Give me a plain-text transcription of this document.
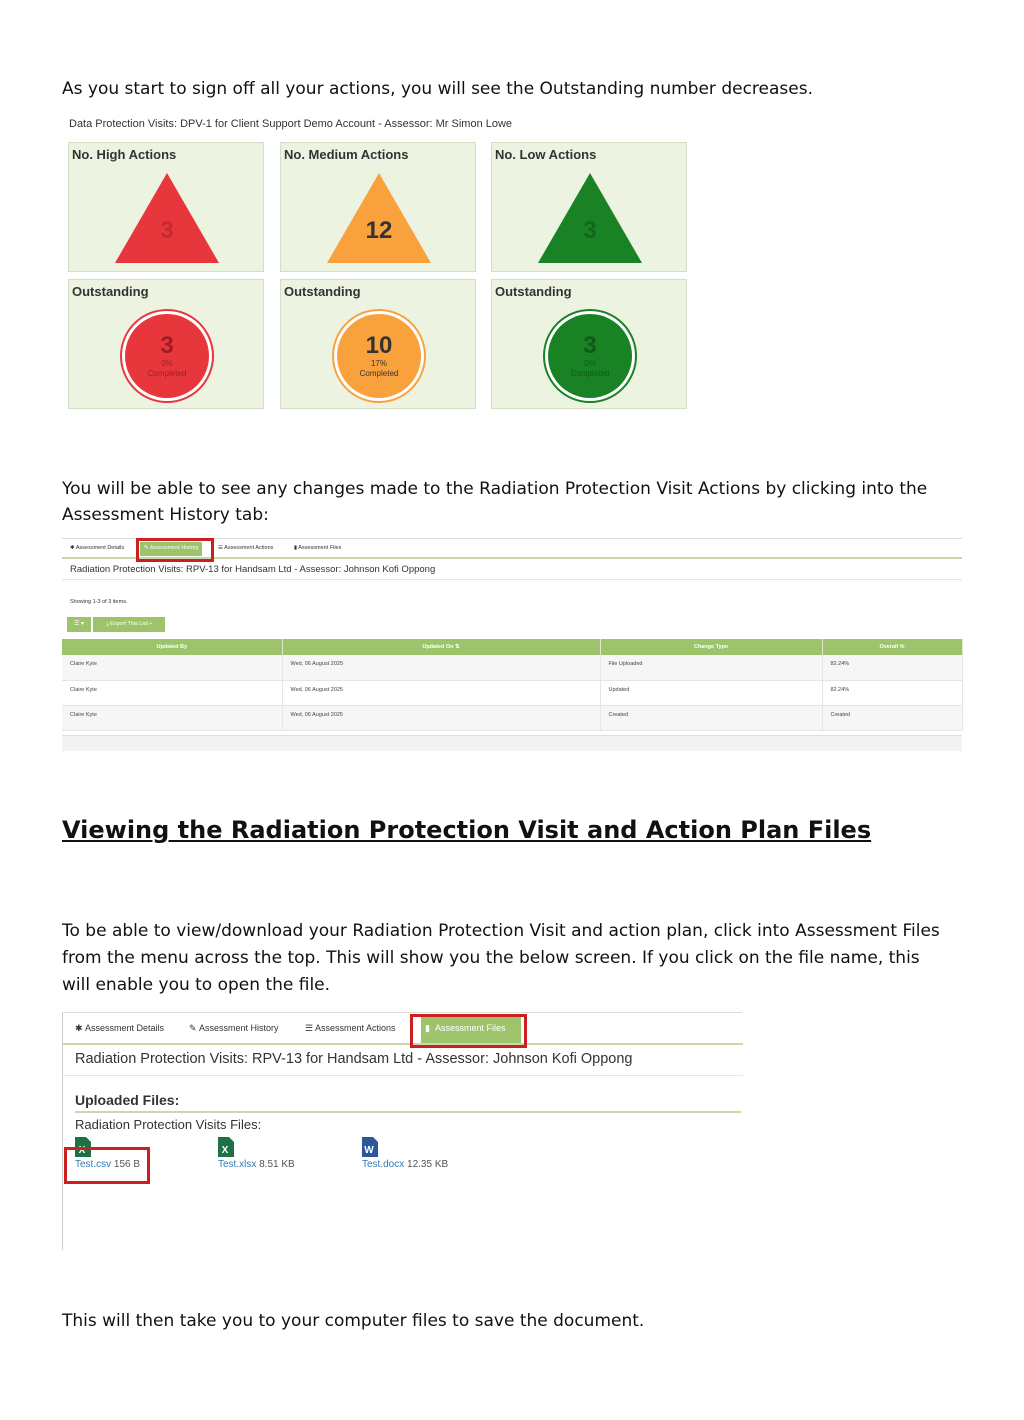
As you start to sign off all your actions, you will see the Outstanding number decreases.

Data Protection Visits: DPV-1 for Client Support Demo Account - Assessor: Mr Simon Lowe
No. High Actions
3
No. Medium Actions
12
No. Low Actions
3
Outstanding
3
0%
Completed
Outstanding
10
17%
Completed
Outstanding
3
0%
Completed

You will be able to see any changes made to the Radiation Protection Visit Actions by clicking into the Assessment History tab:

✱ Assessment Details	✎ Assessment History	☰ Assessment Actions	▮ Assessment Files
Radiation Protection Visits: RPV-13 for Handsam Ltd - Assessor: Johnson Kofi Oppong
Showing 1-3 of 3 items.
☰ ▾	⤓ Export This List ▾
Updated By	Updated On ⇅	Change Type	Overall %
Claire Kyte	Wed, 06 August 2025	File Uploaded	82.24%
Claire Kyte	Wed, 06 August 2025	Updated	82.24%
Claire Kyte	Wed, 06 August 2025	Created	Created
Viewing the Radiation Protection Visit and Action Plan Files

To be able to view/download your Radiation Protection Visit and action plan, click into Assessment Files from the menu across the top. This will show you the below screen. If you click on the file name, this will enable you to open the file.

✱ Assessment Details	✎ Assessment History	☰ Assessment Actions	▮ Assessment Files
Radiation Protection Visits: RPV-13 for Handsam Ltd - Assessor: Johnson Kofi Oppong
Uploaded Files:
Radiation Protection Visits Files:
X
Test.csv 156 B
X
Test.xlsx 8.51 KB
W
Test.docx 12.35 KB

This will then take you to your computer files to save the document.
